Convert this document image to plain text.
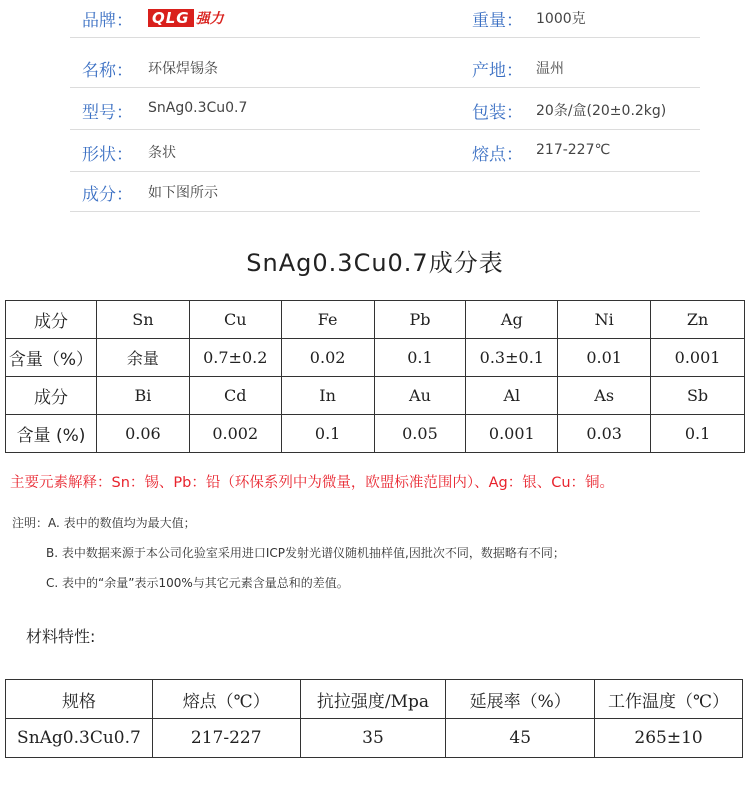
品牌： QLG 强力	重量： 1000克
名称： 环保焊锡条	产地： 温州
型号： SnAg0.3Cu0.7	包装： 20条/盒(20±0.2kg)
形状： 条状	熔点： 217-227℃
成分： 如下图所示
SnAg0.3Cu0.7成分表
成分	Sn	Cu	Fe	Pb	Ag	Ni	Zn
含量（%）	余量	0.7±0.2	0.02	0.1	0.3±0.1	0.01	0.001
成分	Bi	Cd	In	Au	Al	As	Sb
含量 (%)	0.06	0.002	0.1	0.05	0.001	0.03	0.1
主要元素解释：Sn：锡、Pb：铅（环保系列中为微量，欧盟标准范围内）、Ag：银、Cu：铜。
注明：A. 表中的数值均为最大值；
B. 表中数据来源于本公司化验室采用进口ICP发射光谱仪随机抽样值,因批次不同，数据略有不同；
C. 表中的“余量”表示100%与其它元素含量总和的差值。
材料特性:
规格	熔点（℃）	抗拉强度/Mpa	延展率（%）	工作温度（℃）
SnAg0.3Cu0.7	217-227	35	45	265±10
